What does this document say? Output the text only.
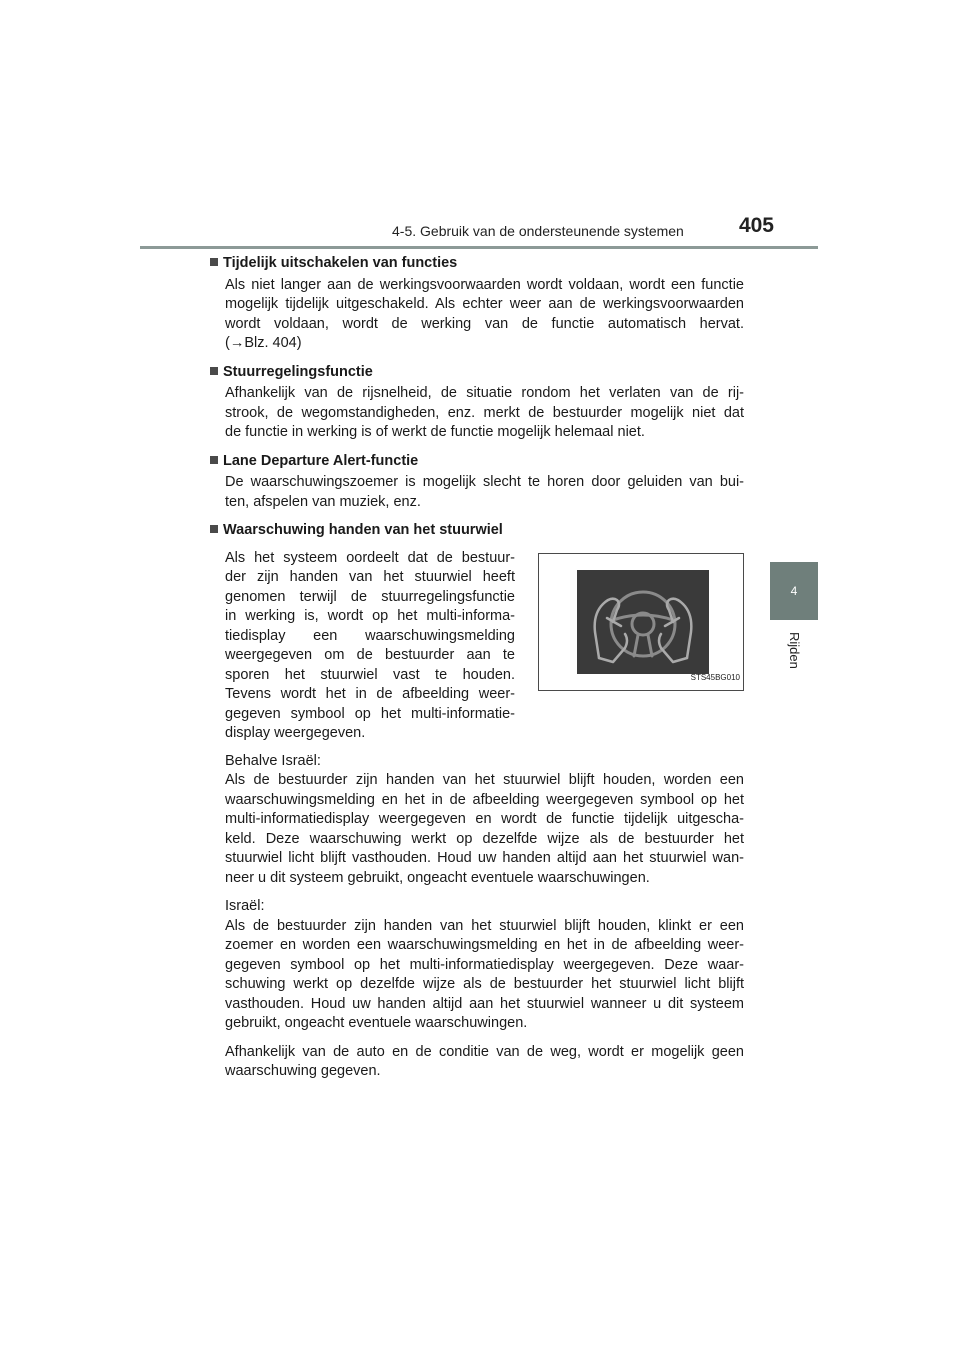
4-5. Gebruik van de ondersteunende systemen	405
4
Rijden
Tijdelijk uitschakelen van functies
Als niet langer aan de werkingsvoorwaarden wordt voldaan, wordt een functie
mogelijk tijdelijk uitgeschakeld. Als echter weer aan de werkingsvoorwaarden
wordt voldaan, wordt de werking van de functie automatisch hervat.
(→Blz. 404)
Stuurregelingsfunctie
Afhankelijk van de rijsnelheid, de situatie rondom het verlaten van de rij-
strook, de wegomstandigheden, enz. merkt de bestuurder mogelijk niet dat
de functie in werking is of werkt de functie mogelijk helemaal niet.
Lane Departure Alert-functie
De waarschuwingszoemer is mogelijk slecht te horen door geluiden van bui-
ten, afspelen van muziek, enz.
Waarschuwing handen van het stuurwiel
Als het systeem oordeelt dat de bestuur-
der zijn handen van het stuurwiel heeft
genomen terwijl de stuurregelingsfunctie
in werking is, wordt op het multi-informa-
tiedisplay een waarschuwingsmelding
weergegeven om de bestuurder aan te
sporen het stuurwiel vast te houden.
Tevens wordt het in de afbeelding weer-
gegeven symbool op het multi-informatie-
display weergegeven.
STS45BG010
Behalve Israël:
Als de bestuurder zijn handen van het stuurwiel blijft houden, worden een
waarschuwingsmelding en het in de afbeelding weergegeven symbool op het
multi-informatiedisplay weergegeven en wordt de functie tijdelijk uitgescha-
keld. Deze waarschuwing werkt op dezelfde wijze als de bestuurder het
stuurwiel licht blijft vasthouden. Houd uw handen altijd aan het stuurwiel wan-
neer u dit systeem gebruikt, ongeacht eventuele waarschuwingen.
Israël:
Als de bestuurder zijn handen van het stuurwiel blijft houden, klinkt er een
zoemer en worden een waarschuwingsmelding en het in de afbeelding weer-
gegeven symbool op het multi-informatiedisplay weergegeven. Deze waar-
schuwing werkt op dezelfde wijze als de bestuurder het stuurwiel licht blijft
vasthouden. Houd uw handen altijd aan het stuurwiel wanneer u dit systeem
gebruikt, ongeacht eventuele waarschuwingen.
Afhankelijk van de auto en de conditie van de weg, wordt er mogelijk geen
waarschuwing gegeven.
